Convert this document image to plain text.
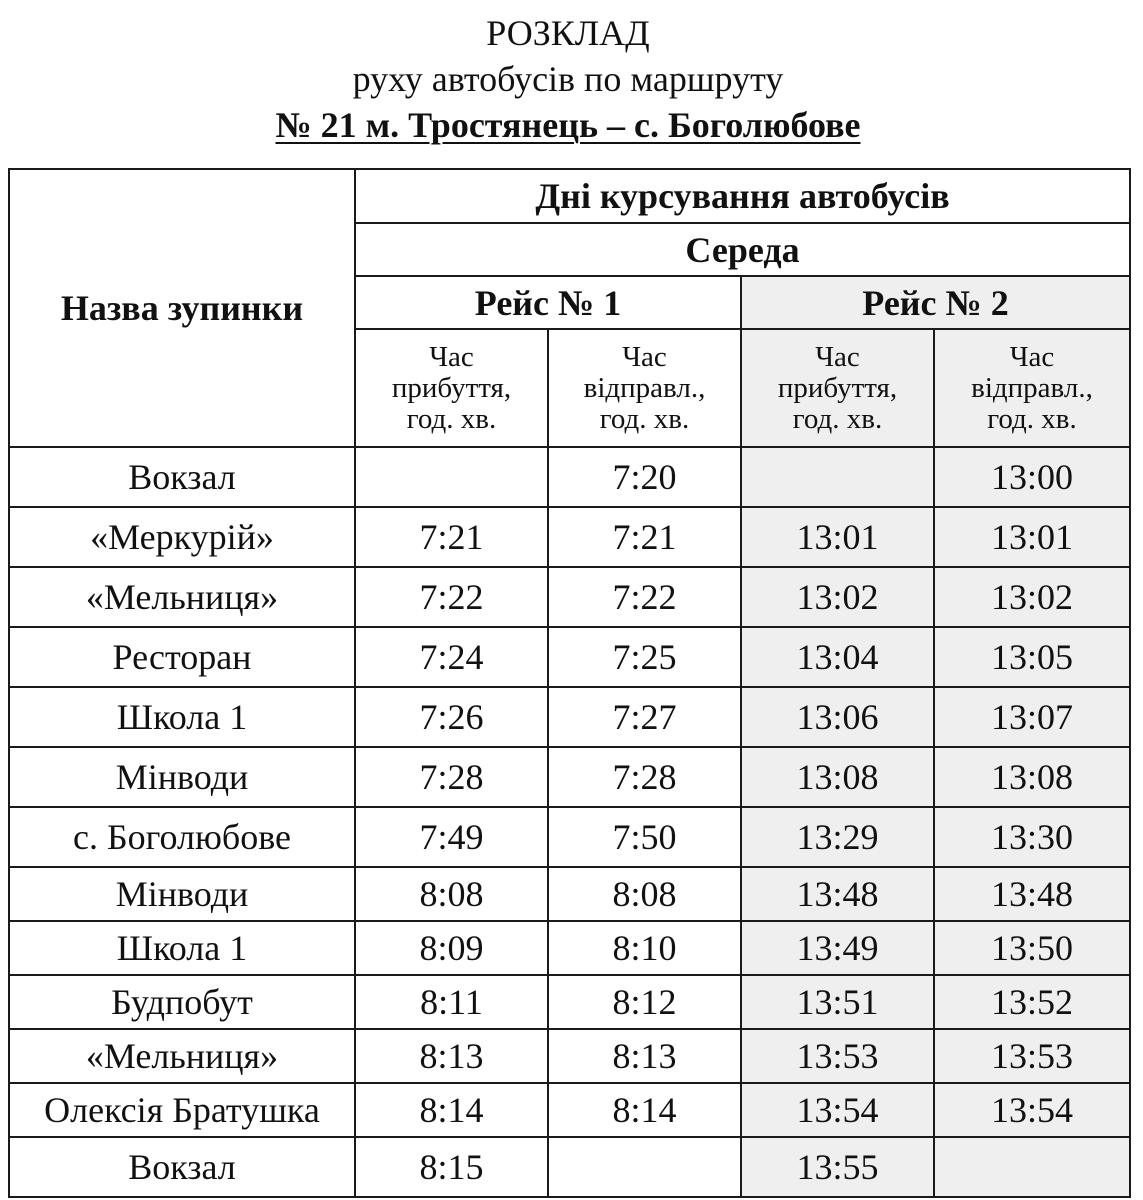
РОЗКЛАД
руху автобусів по маршруту
№ 21 м. Тростянець – с. Боголюбове
Назва зупинки	Дні курсування автобусів			
	Середа			
	Рейс № 1		Рейс № 2	
	Час
прибуття,
год. хв.	Час
відправл.,
год. хв.	Час
прибуття,
год. хв.	Час
відправл.,
год. хв.
Вокзал		7:20		13:00
«Меркурій»	7:21	7:21	13:01	13:01
«Мельниця»	7:22	7:22	13:02	13:02
Ресторан	7:24	7:25	13:04	13:05
Школа 1	7:26	7:27	13:06	13:07
Мінводи	7:28	7:28	13:08	13:08
с. Боголюбове	7:49	7:50	13:29	13:30
Мінводи	8:08	8:08	13:48	13:48
Школа 1	8:09	8:10	13:49	13:50
Будпобут	8:11	8:12	13:51	13:52
«Мельниця»	8:13	8:13	13:53	13:53
Олексія Братушка	8:14	8:14	13:54	13:54
Вокзал	8:15		13:55	
